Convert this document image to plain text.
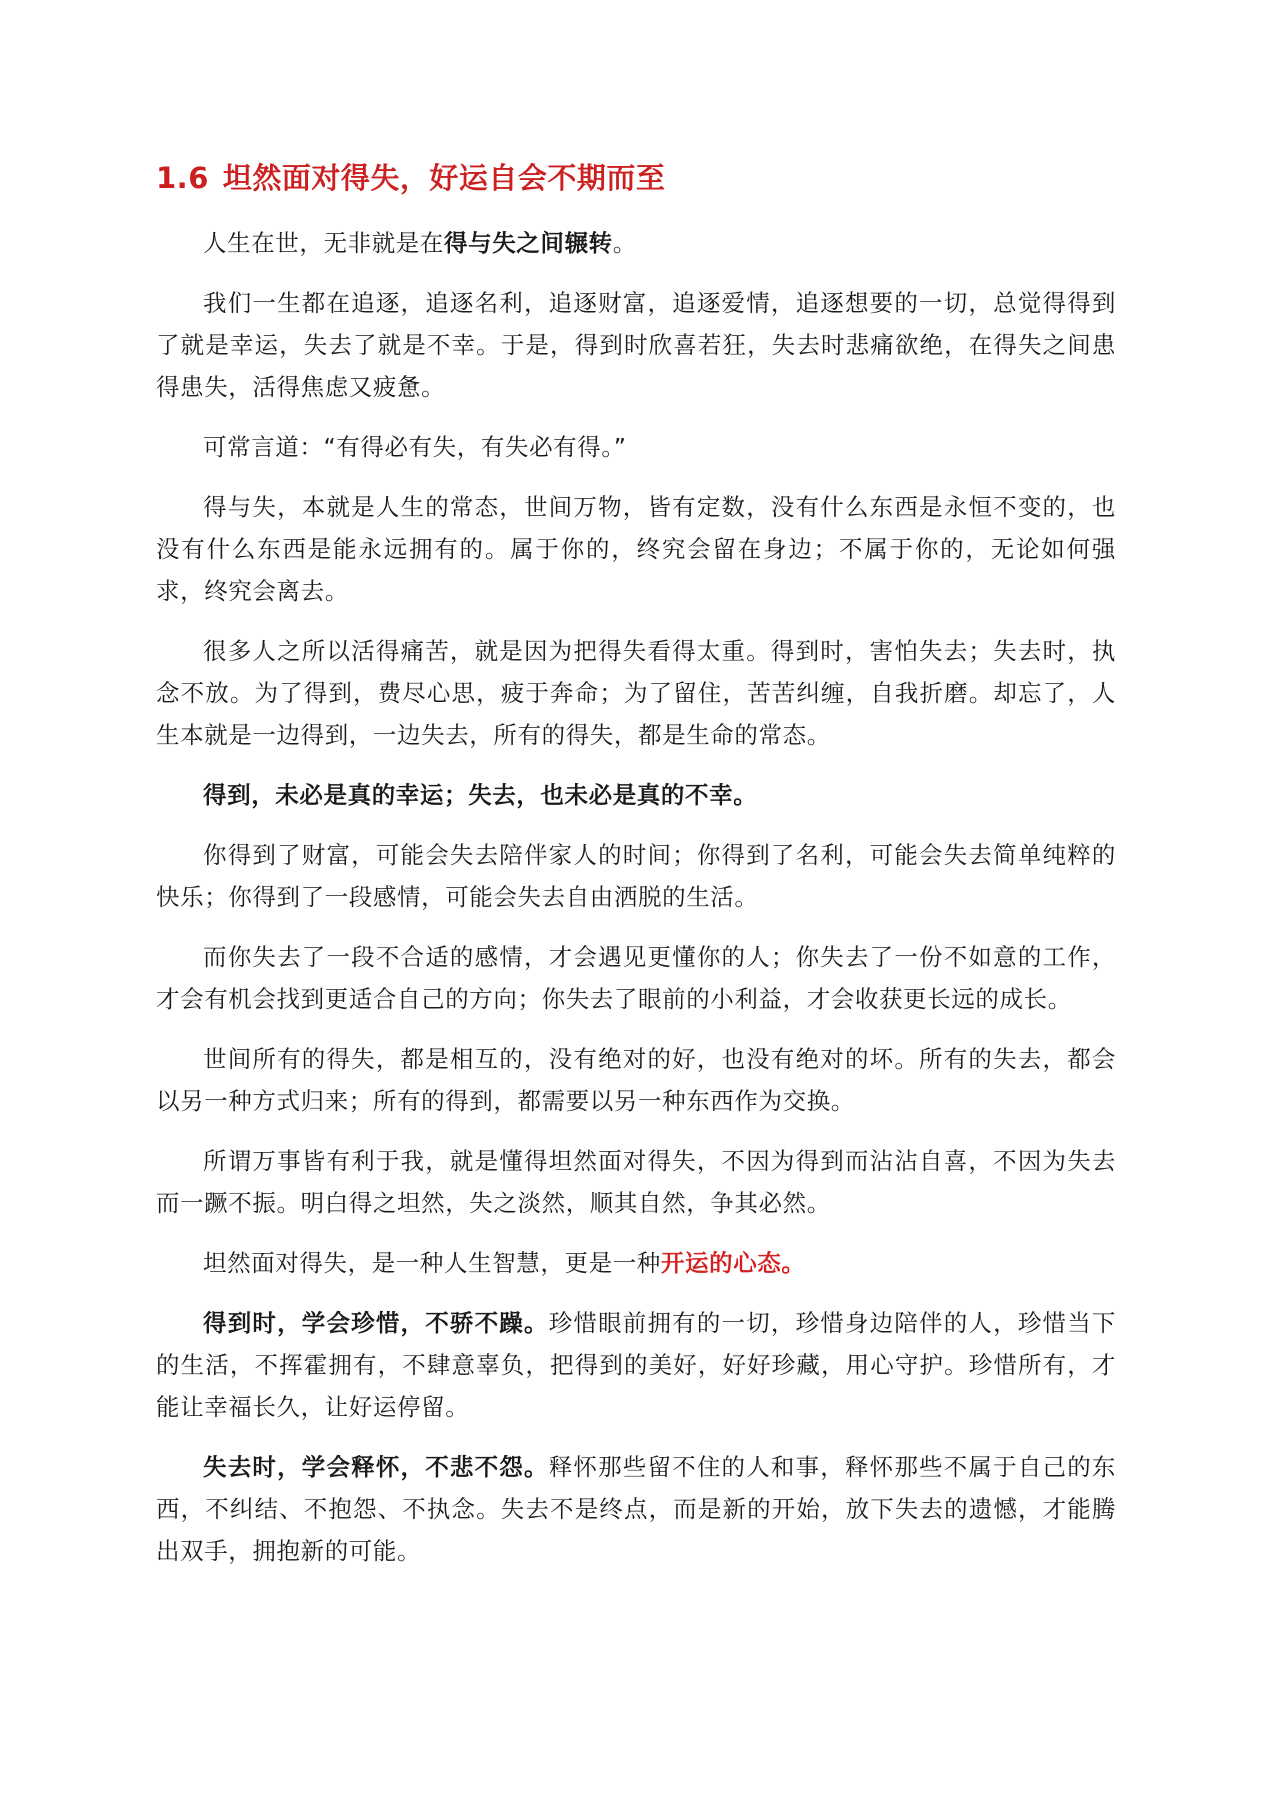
1.6 坦然面对得失，好运自会不期而至

人生在世，无非就是在得与失之间辗转。

我们一生都在追逐，追逐名利，追逐财富，追逐爱情，追逐想要的一切，总觉得得到了就是幸运，失去了就是不幸。于是，得到时欣喜若狂，失去时悲痛欲绝，在得失之间患得患失，活得焦虑又疲惫。

可常言道：“有得必有失，有失必有得。”

得与失，本就是人生的常态，世间万物，皆有定数，没有什么东西是永恒不变的，也没有什么东西是能永远拥有的。属于你的，终究会留在身边；不属于你的，无论如何强求，终究会离去。

很多人之所以活得痛苦，就是因为把得失看得太重。得到时，害怕失去；失去时，执念不放。为了得到，费尽心思，疲于奔命；为了留住，苦苦纠缠，自我折磨。却忘了，人生本就是一边得到，一边失去，所有的得失，都是生命的常态。

得到，未必是真的幸运；失去，也未必是真的不幸。

你得到了财富，可能会失去陪伴家人的时间；你得到了名利，可能会失去简单纯粹的快乐；你得到了一段感情，可能会失去自由洒脱的生活。

而你失去了一段不合适的感情，才会遇见更懂你的人；你失去了一份不如意的工作，才会有机会找到更适合自己的方向；你失去了眼前的小利益，才会收获更长远的成长。

世间所有的得失，都是相互的，没有绝对的好，也没有绝对的坏。所有的失去，都会以另一种方式归来；所有的得到，都需要以另一种东西作为交换。

所谓万事皆有利于我，就是懂得坦然面对得失，不因为得到而沾沾自喜，不因为失去而一蹶不振。明白得之坦然，失之淡然，顺其自然，争其必然。

坦然面对得失，是一种人生智慧，更是一种开运的心态。

得到时，学会珍惜，不骄不躁。珍惜眼前拥有的一切，珍惜身边陪伴的人，珍惜当下的生活，不挥霍拥有，不肆意辜负，把得到的美好，好好珍藏，用心守护。珍惜所有，才能让幸福长久，让好运停留。

失去时，学会释怀，不悲不怨。释怀那些留不住的人和事，释怀那些不属于自己的东西，不纠结、不抱怨、不执念。失去不是终点，而是新的开始，放下失去的遗憾，才能腾出双手，拥抱新的可能。
